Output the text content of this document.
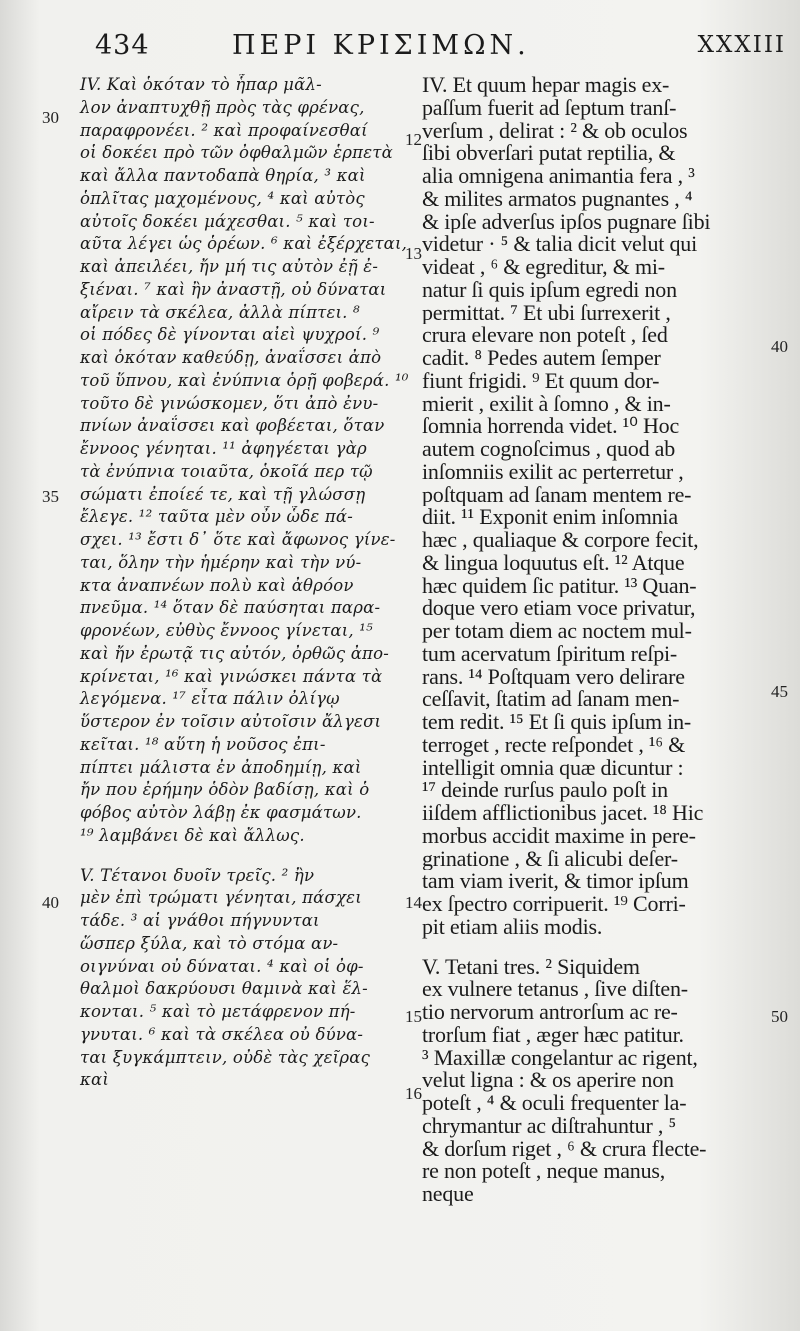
434	ΠΕΡΙ ΚΡΙΣΙΜΩΝ.	XXXIII
30
35
40
12
13
14
15
16
40
45
50
IV. Καὶ ὁκόταν τὸ ἧπαρ μᾶλ-
λον ἀναπτυχθῇ πρὸς τὰς φρένας,
παραφρονέει. ² καὶ προφαίνεσθαί
οἱ δοκέει πρὸ τῶν ὀφθαλμῶν ἑρπετὰ
καὶ ἄλλα παντοδαπὰ θηρία, ³ καὶ
ὁπλῖτας μαχομένους, ⁴ καὶ αὐτὸς
αὐτοῖς δοκέει μάχεσθαι. ⁵ καὶ τοι-
αῦτα λέγει ὡς ὁρέων. ⁶ καὶ ἐξέρχεται,
καὶ ἀπειλέει, ἤν μή τις αὐτὸν ἐῇ ἐ-
ξιέναι. ⁷ καὶ ἢν ἀναστῇ, οὐ δύναται
αἴρειν τὰ σκέλεα, ἀλλὰ πίπτει. ⁸
οἱ πόδες δὲ γίνονται αἰεὶ ψυχροί. ⁹
καὶ ὁκόταν καθεύδῃ, ἀναΐσσει ἀπὸ
τοῦ ὕπνου, καὶ ἐνύπνια ὁρῇ φοβερά. ¹⁰
τοῦτο δὲ γινώσκομεν, ὅτι ἀπὸ ἐνυ-
πνίων ἀναΐσσει καὶ φοβέεται, ὅταν
ἔννοος γένηται. ¹¹ ἀφηγέεται γὰρ
τὰ ἐνύπνια τοιαῦτα, ὁκοῖά περ τῷ
σώματι ἐποίεέ τε, καὶ τῇ γλώσσῃ
ἔλεγε. ¹² ταῦτα μὲν οὖν ὧδε πά-
σχει. ¹³ ἔστι δ᾽ ὅτε καὶ ἄφωνος γίνε-
ται, ὅλην τὴν ἡμέρην καὶ τὴν νύ-
κτα ἀναπνέων πολὺ καὶ ἀθρόον
πνεῦμα. ¹⁴ ὅταν δὲ παύσηται παρα-
φρονέων, εὐθὺς ἔννοος γίνεται, ¹⁵
καὶ ἤν ἐρωτᾷ τις αὐτόν, ὀρθῶς ἀπο-
κρίνεται, ¹⁶ καὶ γινώσκει πάντα τὰ
λεγόμενα. ¹⁷ εἶτα πάλιν ὀλίγῳ
ὕστερον ἐν τοῖσιν αὐτοῖσιν ἄλγεσι
κεῖται. ¹⁸ αὕτη ἡ νοῦσος ἐπι-
πίπτει μάλιστα ἐν ἀποδημίῃ, καὶ
ἤν που ἐρήμην ὁδὸν βαδίσῃ, καὶ ὁ
φόβος αὐτὸν λάβῃ ἐκ φασμάτων.
¹⁹ λαμβάνει δὲ καὶ ἄλλως.
V. Τέτανοι δυοῖν τρεῖς. ² ἢν
μὲν ἐπὶ τρώματι γένηται, πάσχει
τάδε. ³ αἱ γνάθοι πήγνυνται
ὥσπερ ξύλα, καὶ τὸ στόμα αν-
οιγνύναι οὐ δύναται. ⁴ καὶ οἱ ὀφ-
θαλμοὶ δακρύουσι θαμινὰ καὶ ἕλ-
κονται. ⁵ καὶ τὸ μετάφρενον πή-
γνυται. ⁶ καὶ τὰ σκέλεα οὐ δύνα-
ται ξυγκάμπτειν, οὐδὲ τὰς χεῖρας
καὶ
IV. Et quum hepar magis ex-
paſſum fuerit ad ſeptum tranſ-
verſum , delirat : ² & ob oculos
ſibi obverſari putat reptilia, &
alia omnigena animantia fera , ³
& milites armatos pugnantes , ⁴
& ipſe adverſus ipſos pugnare ſibi
videtur · ⁵ & talia dicit velut qui
videat , ⁶ & egreditur, & mi-
natur ſi quis ipſum egredi non
permittat. ⁷ Et ubi ſurrexerit ,
crura elevare non poteſt , ſed
cadit. ⁸ Pedes autem ſemper
fiunt frigidi. ⁹ Et quum dor-
mierit , exilit à ſomno , & in-
ſomnia horrenda videt. ¹⁰ Hoc
autem cognoſcimus , quod ab
inſomniis exilit ac perterretur ,
poſtquam ad ſanam mentem re-
diit. ¹¹ Exponit enim inſomnia
hæc , qualiaque & corpore fecit,
& lingua loquutus eſt. ¹² Atque
hæc quidem ſic patitur. ¹³ Quan-
doque vero etiam voce privatur,
per totam diem ac noctem mul-
tum acervatum ſpiritum reſpi-
rans. ¹⁴ Poſtquam vero delirare
ceſſavit, ſtatim ad ſanam men-
tem redit. ¹⁵ Et ſi quis ipſum in-
terroget , recte reſpondet , ¹⁶ &
intelligit omnia quæ dicuntur :
¹⁷ deinde rurſus paulo poſt in
iiſdem afflictionibus jacet. ¹⁸ Hic
morbus accidit maxime in pere-
grinatione , & ſi alicubi deſer-
tam viam iverit, & timor ipſum
ex ſpectro corripuerit. ¹⁹ Corri-
pit etiam aliis modis.
V. Tetani tres. ² Siquidem
ex vulnere tetanus , ſive diſten-
tio nervorum antrorſum ac re-
trorſum fiat , æger hæc patitur.
³ Maxillæ congelantur ac rigent,
velut ligna : & os aperire non
poteſt , ⁴ & oculi frequenter la-
chrymantur ac diſtrahuntur , ⁵
& dorſum riget , ⁶ & crura flecte-
re non poteſt , neque manus,
neque
